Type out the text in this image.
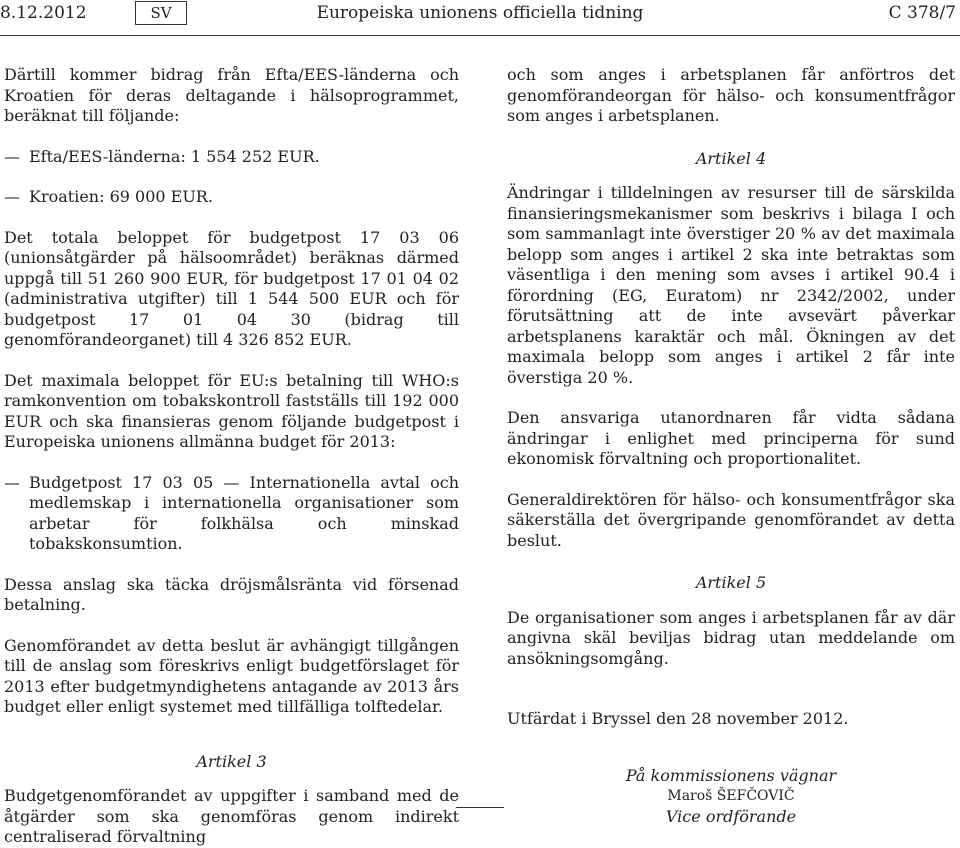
8.12.2012	SV	Europeiska unionens officiella tidning	C 378/7

Därtill kommer bidrag från Efta/EES-länderna och Kroatien för deras deltagande i hälsoprogrammet, beräknat till följande:

— Efta/EES-länderna: 1 554 252 EUR.
— Kroatien: 69 000 EUR.

Det totala beloppet för budgetpost 17 03 06 (unionsåtgärder på hälsoområdet) beräknas därmed uppgå till 51 260 900 EUR, för budgetpost 17 01 04 02 (administrativa utgifter) till 1 544 500 EUR och för budgetpost 17 01 04 30 (bidrag till genomförandeorganet) till 4 326 852 EUR.

Det maximala beloppet för EU:s betalning till WHO:s ramkonvention om tobakskontroll fastställs till 192 000 EUR och ska finansieras genom följande budgetpost i Europeiska unionens allmänna budget för 2013:

— Budgetpost 17 03 05 — Internationella avtal och medlemskap i internationella organisationer som arbetar för folkhälsa och minskad tobakskonsumtion.

Dessa anslag ska täcka dröjsmålsränta vid försenad betalning.

Genomförandet av detta beslut är avhängigt tillgången till de anslag som föreskrivs enligt budgetförslaget för 2013 efter budgetmyndighetens antagande av 2013 års budget eller enligt systemet med tillfälliga tolftedelar.

Artikel 3

Budgetgenomförandet av uppgifter i samband med de åtgärder som ska genomföras genom indirekt centraliserad förvaltning

och som anges i arbetsplanen får anförtros det genomförandeorgan för hälso- och konsumentfrågor som anges i arbetsplanen.

Artikel 4

Ändringar i tilldelningen av resurser till de särskilda finansieringsmekanismer som beskrivs i bilaga I och som sammanlagt inte överstiger 20 % av det maximala belopp som anges i artikel 2 ska inte betraktas som väsentliga i den mening som avses i artikel 90.4 i förordning (EG, Euratom) nr 2342/2002, under förutsättning att de inte avsevärt påverkar arbetsplanens karaktär och mål. Ökningen av det maximala belopp som anges i artikel 2 får inte överstiga 20 %.

Den ansvariga utanordnaren får vidta sådana ändringar i enlighet med principerna för sund ekonomisk förvaltning och proportionalitet.

Generaldirektören för hälso- och konsumentfrågor ska säkerställa det övergripande genomförandet av detta beslut.

Artikel 5

De organisationer som anges i arbetsplanen får av där angivna skäl beviljas bidrag utan meddelande om ansökningsomgång.

Utfärdat i Bryssel den 28 november 2012.

På kommissionens vägnar
Maroš ŠEFČOVIČ
Vice ordförande
